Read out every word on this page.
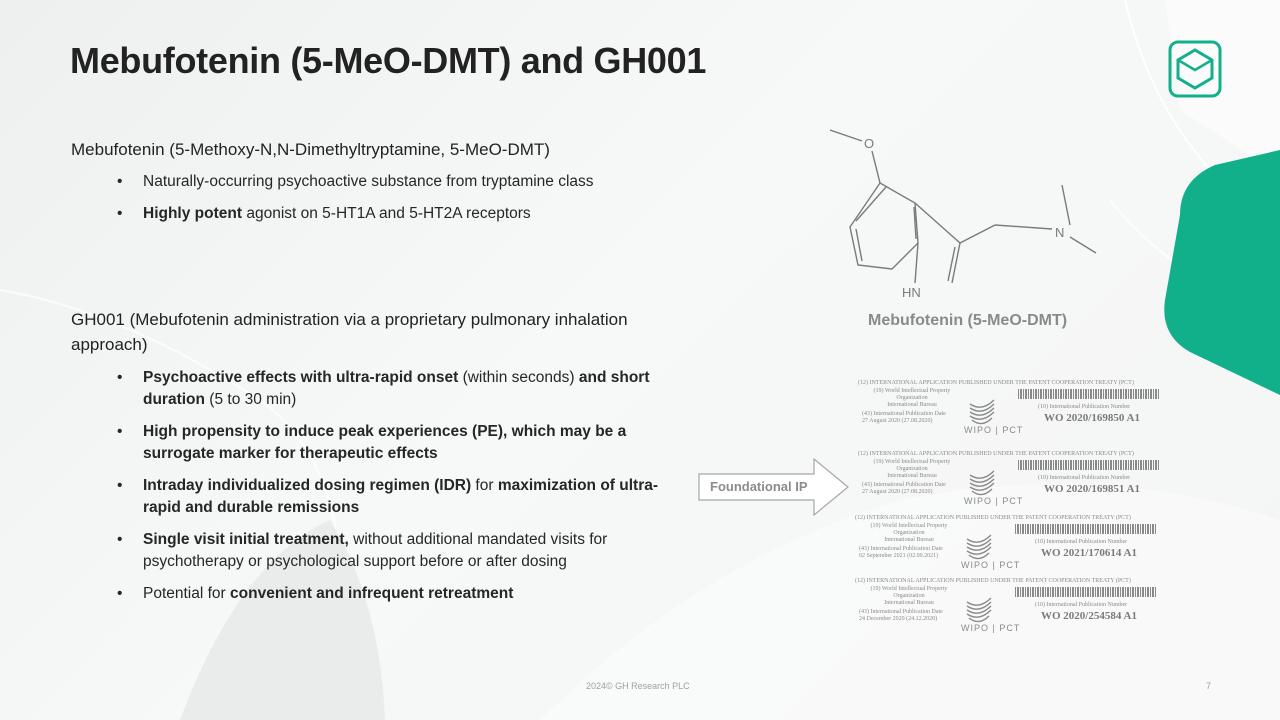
Mebufotenin (5-MeO-DMT) and GH001
Mebufotenin (5-Methoxy-N,N-Dimethyltryptamine, 5-MeO-DMT)
• Naturally-occurring psychoactive substance from tryptamine class
• Highly potent agonist on 5-HT1A and 5-HT2A receptors
GH001 (Mebufotenin administration via a proprietary pulmonary inhalation approach)
• Psychoactive effects with ultra-rapid onset (within seconds) and short duration (5 to 30 min)
• High propensity to induce peak experiences (PE), which may be a surrogate marker for therapeutic effects
• Intraday individualized dosing regimen (IDR) for maximization of ultra-rapid and durable remissions
• Single visit initial treatment, without additional mandated visits for psychotherapy or psychological support before or after dosing
• Potential for convenient and infrequent retreatment
O
N
HN
Mebufotenin (5-MeO-DMT)
Foundational IP
(12) INTERNATIONAL APPLICATION PUBLISHED UNDER THE PATENT COOPERATION TREATY (PCT)
(19) World Intellectual Property Organization
International Bureau
(43) International Publication Date
27 August 2020 (27.08.2020)
WIPO | PCT
(10) International Publication Number
WO 2020/169850 A1
(12) INTERNATIONAL APPLICATION PUBLISHED UNDER THE PATENT COOPERATION TREATY (PCT)
(19) World Intellectual Property Organization
International Bureau
(43) International Publication Date
27 August 2020 (27.08.2020)
WIPO | PCT
(10) International Publication Number
WO 2020/169851 A1
(12) INTERNATIONAL APPLICATION PUBLISHED UNDER THE PATENT COOPERATION TREATY (PCT)
(19) World Intellectual Property Organization
International Bureau
(43) International Publication Date
02 September 2021 (02.09.2021)
WIPO | PCT
(10) International Publication Number
WO 2021/170614 A1
(12) INTERNATIONAL APPLICATION PUBLISHED UNDER THE PATENT COOPERATION TREATY (PCT)
(19) World Intellectual Property Organization
International Bureau
(43) International Publication Date
24 December 2020 (24.12.2020)
WIPO | PCT
(10) International Publication Number
WO 2020/254584 A1
2024© GH Research PLC	7
